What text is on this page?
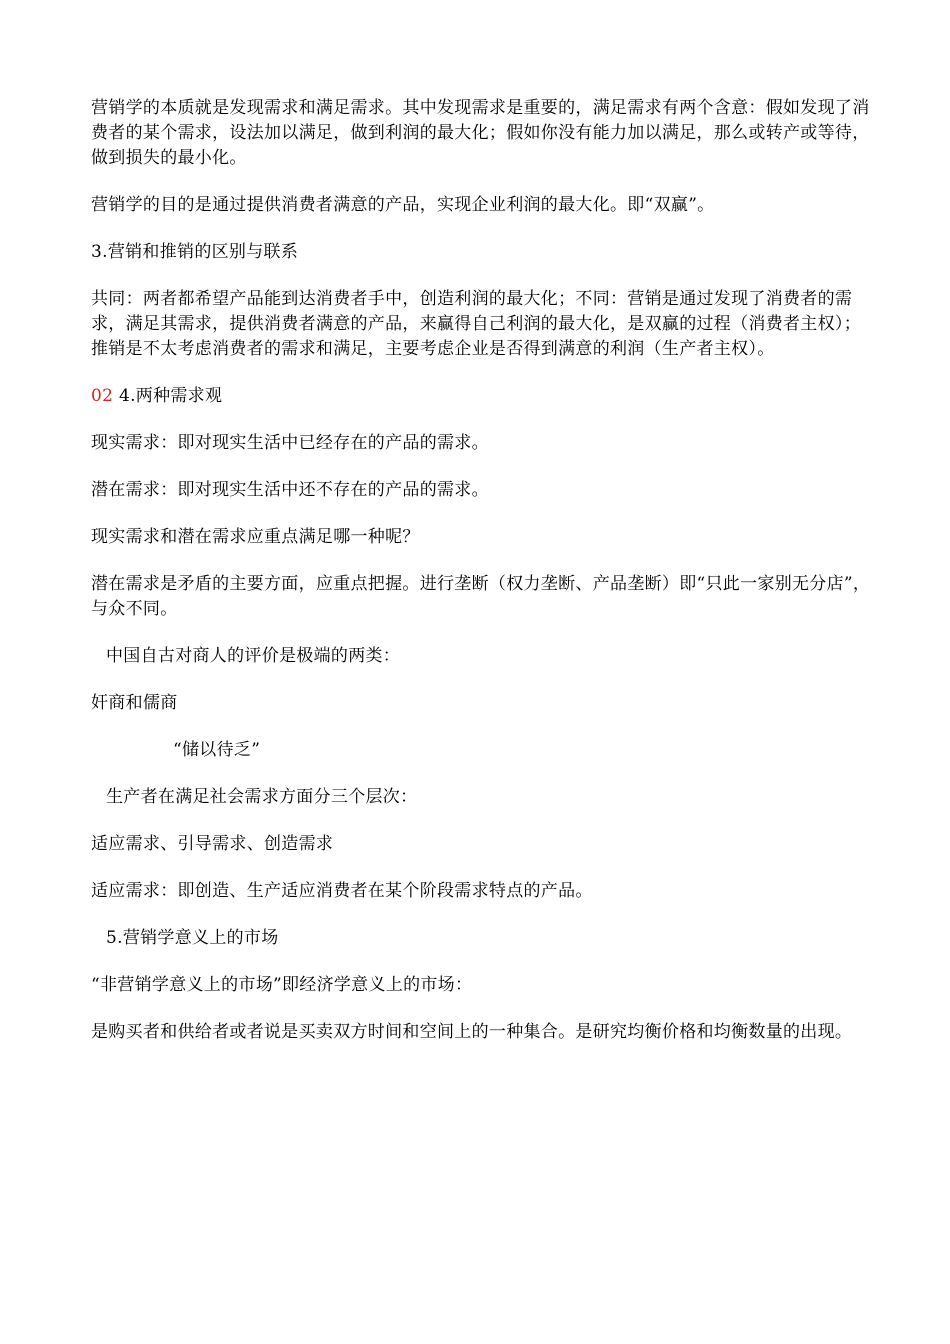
营销学的本质就是发现需求和满足需求。其中发现需求是重要的，满足需求有两个含意：假如发现了消费者的某个需求，设法加以满足，做到利润的最大化；假如你没有能力加以满足，那么或转产或等待，做到损失的最小化。

营销学的目的是通过提供消费者满意的产品，实现企业利润的最大化。即“双赢”。

3.营销和推销的区别与联系

共同：两者都希望产品能到达消费者手中，创造利润的最大化；不同：营销是通过发现了消费者的需求，满足其需求，提供消费者满意的产品，来赢得自己利润的最大化，是双赢的过程（消费者主权）；推销是不太考虑消费者的需求和满足，主要考虑企业是否得到满意的利润（生产者主权）。

02 4.两种需求观

现实需求：即对现实生活中已经存在的产品的需求。

潜在需求：即对现实生活中还不存在的产品的需求。

现实需求和潜在需求应重点满足哪一种呢？

潜在需求是矛盾的主要方面，应重点把握。进行垄断（权力垄断、产品垄断）即“只此一家别无分店”，与众不同。

中国自古对商人的评价是极端的两类：

奸商和儒商

“储以待乏”

生产者在满足社会需求方面分三个层次：

适应需求、引导需求、创造需求

适应需求：即创造、生产适应消费者在某个阶段需求特点的产品。

5.营销学意义上的市场

“非营销学意义上的市场”即经济学意义上的市场：

是购买者和供给者或者说是买卖双方时间和空间上的一种集合。是研究均衡价格和均衡数量的出现。
